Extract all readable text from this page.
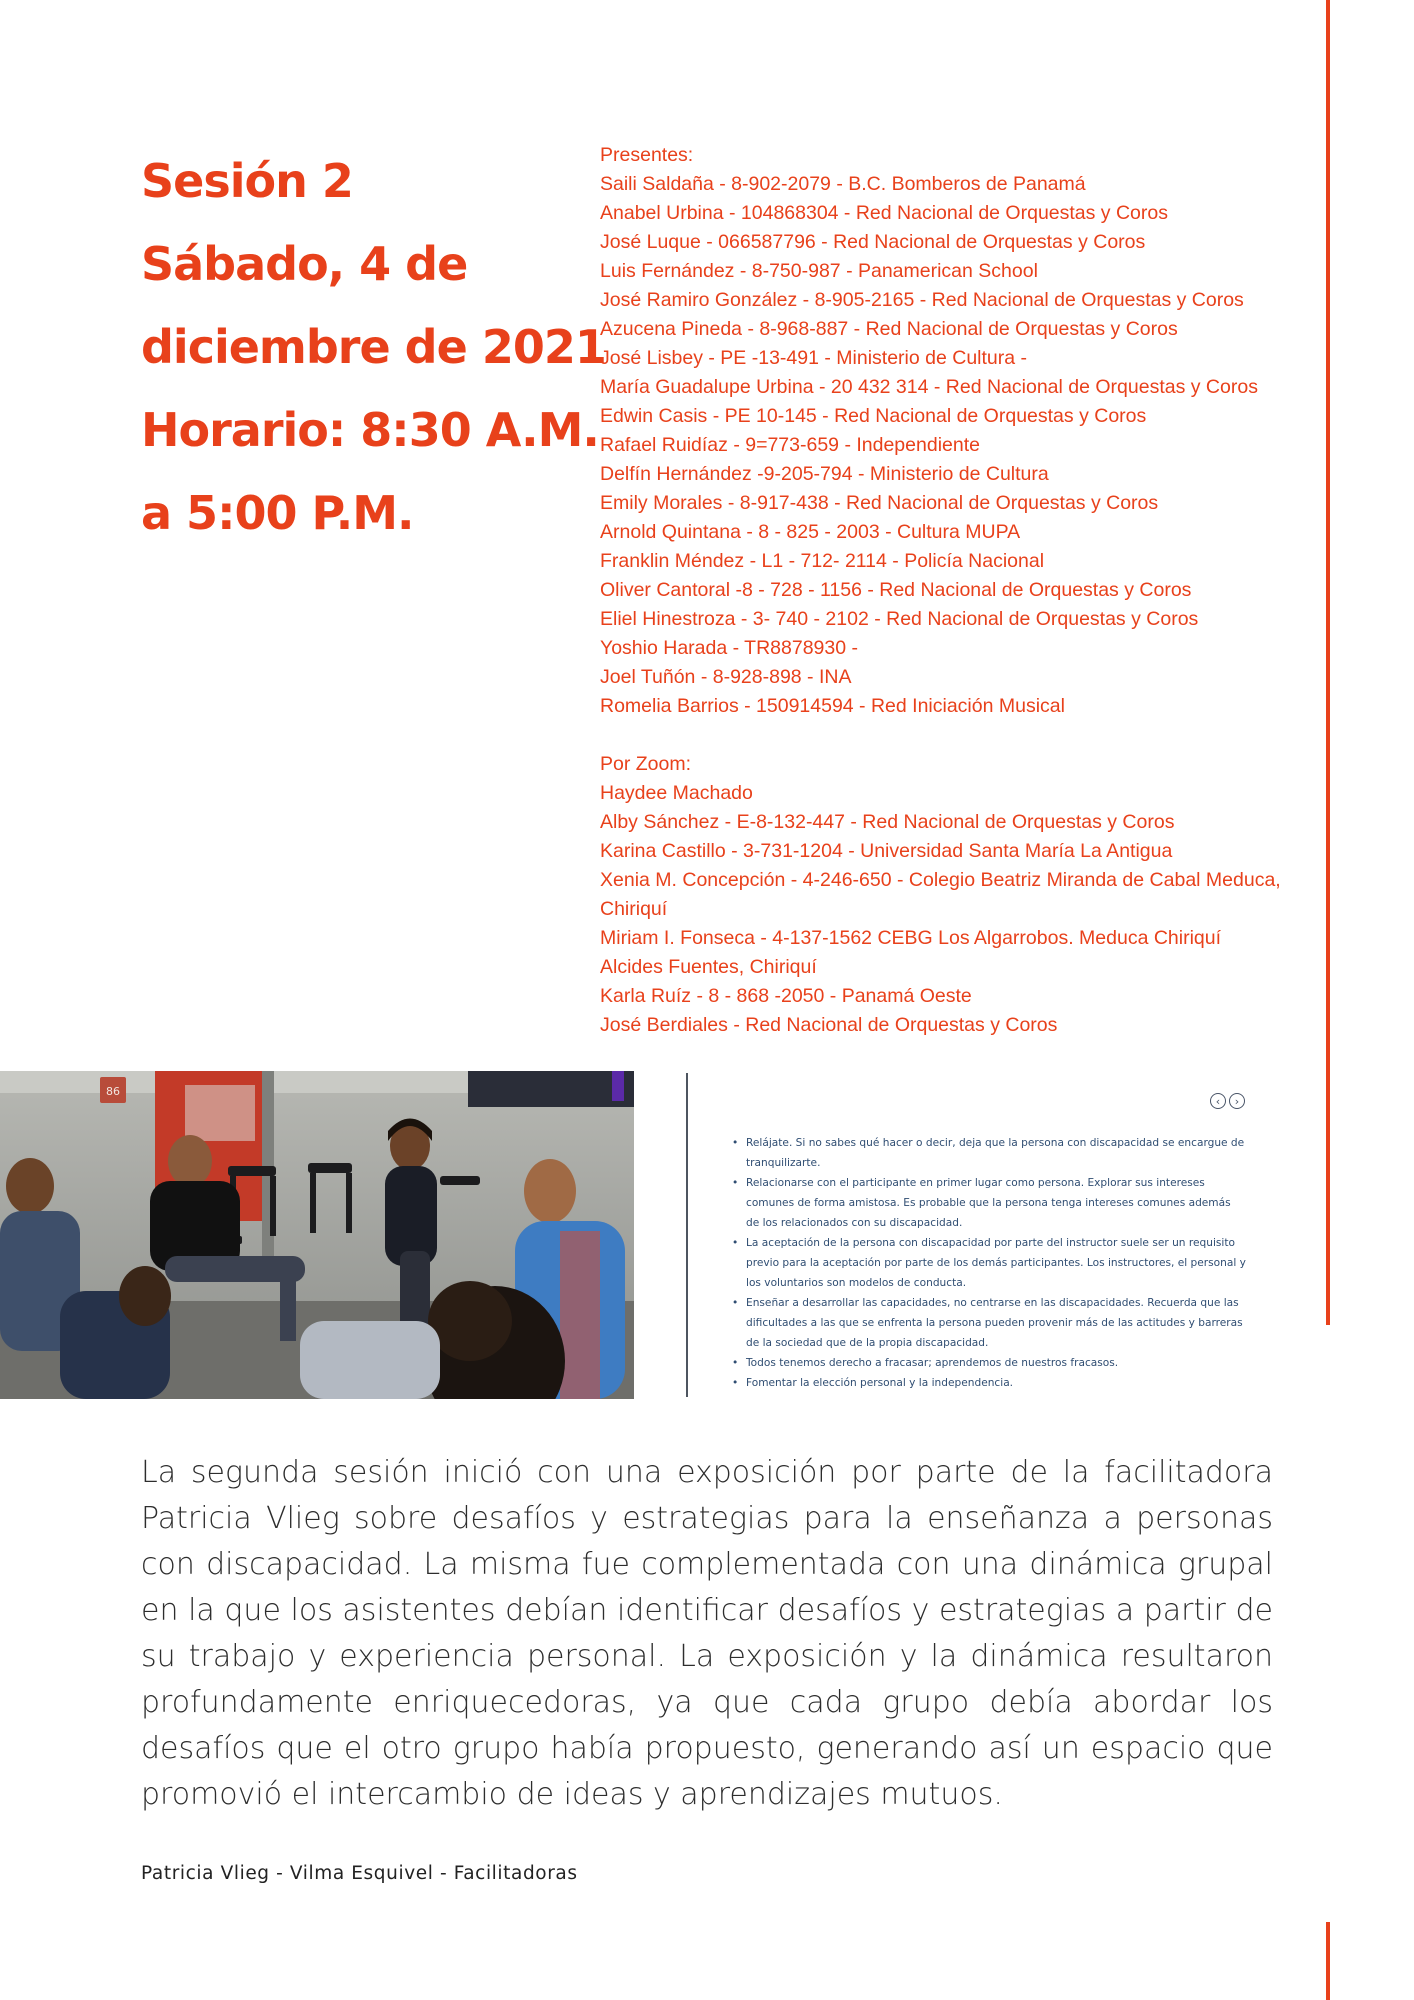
Sesión 2
Sábado, 4 de
diciembre de 2021
Horario: 8:30 A.M.
a 5:00 P.M.
Presentes:
Saili Saldaña - 8-902-2079 - B.C. Bomberos de Panamá
Anabel Urbina - 104868304 - Red Nacional de Orquestas y Coros
José Luque - 066587796 - Red Nacional de Orquestas y Coros
Luis Fernández - 8-750-987 - Panamerican School
José Ramiro González - 8-905-2165 - Red Nacional de Orquestas y Coros
Azucena Pineda - 8-968-887 - Red Nacional de Orquestas y Coros
José Lisbey - PE -13-491 - Ministerio de Cultura -
María Guadalupe Urbina - 20 432 314 - Red Nacional de Orquestas y Coros
Edwin Casis - PE 10-145 - Red Nacional de Orquestas y Coros
Rafael Ruidíaz - 9=773-659 - Independiente
Delfín Hernández -9-205-794 - Ministerio de Cultura
Emily Morales - 8-917-438 - Red Nacional de Orquestas y Coros
Arnold Quintana - 8 - 825 - 2003 - Cultura MUPA
Franklin Méndez - L1 - 712- 2114 - Policía Nacional
Oliver Cantoral -8 - 728 - 1156 - Red Nacional de Orquestas y Coros
Eliel Hinestroza - 3- 740 - 2102 - Red Nacional de Orquestas y Coros
Yoshio Harada - TR8878930 -
Joel Tuñón - 8-928-898 - INA
Romelia Barrios - 150914594 - Red Iniciación Musical
Por Zoom:
Haydee Machado
Alby Sánchez - E-8-132-447 - Red Nacional de Orquestas y Coros
Karina Castillo - 3-731-1204 - Universidad Santa María La Antigua
Xenia M. Concepción - 4-246-650 - Colegio Beatriz Miranda de Cabal Meduca,
Chiriquí
Miriam I. Fonseca - 4-137-1562 CEBG Los Algarrobos. Meduca Chiriquí
Alcides Fuentes, Chiriquí
Karla Ruíz - 8 - 868 -2050 - Panamá Oeste
José Berdiales - Red Nacional de Orquestas y Coros
86
‹	›
• Relájate. Si no sabes qué hacer o decir, deja que la persona con discapacidad se encargue de tranquilizarte.
• Relacionarse con el participante en primer lugar como persona. Explorar sus intereses comunes de forma amistosa. Es probable que la persona tenga intereses comunes además de los relacionados con su discapacidad.
• La aceptación de la persona con discapacidad por parte del instructor suele ser un requisito previo para la aceptación por parte de los demás participantes. Los instructores, el personal y los voluntarios son modelos de conducta.
• Enseñar a desarrollar las capacidades, no centrarse en las discapacidades. Recuerda que las dificultades a las que se enfrenta la persona pueden provenir más de las actitudes y barreras de la sociedad que de la propia discapacidad.
• Todos tenemos derecho a fracasar; aprendemos de nuestros fracasos.
• Fomentar la elección personal y la independencia.

La segunda sesión inició con una exposición por parte de la facilitadora Patricia Vlieg sobre desafíos y estrategias para la enseñanza a personas con discapacidad. La misma fue complementada con una dinámica grupal en la que los asistentes debían identificar desafíos y estrategias a partir de su trabajo y experiencia personal. La exposición y la dinámica resultaron profundamente enriquecedoras, ya que cada grupo debía abordar los desafíos que el otro grupo había propuesto, generando así un espacio que promovió el intercambio de ideas y aprendizajes mutuos.

Patricia Vlieg - Vilma Esquivel - Facilitadoras
